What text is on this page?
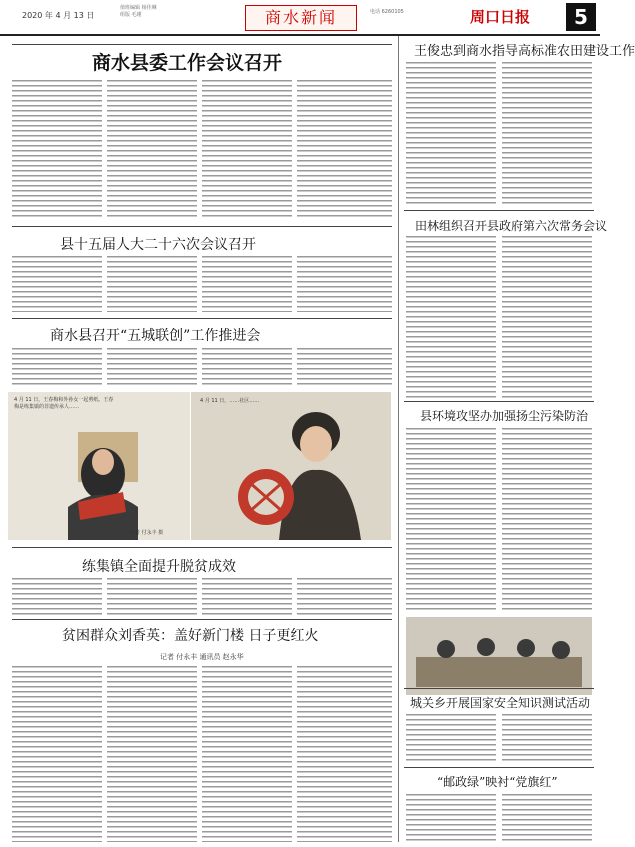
2020 年 4 月 13 日
值班编辑 杨佳琳
组版 毛瑾	商水新闻	电话 6260105	周口日报	5
商水县委工作会议召开
县十五届人大二十六次会议召开
商水县召开“五城联创”工作推进会
4 月 11 日，王春梅和外孙女一起剪纸。王春梅是练集镇的非遗传承人……
记者 付永丰 摄
4 月 11 日，……社区……
练集镇全面提升脱贫成效
贫困群众刘香英：盖好新门楼 日子更红火
记者 付永丰 通讯员 赵永华
王俊忠到商水指导高标准农田建设工作
田林组织召开县政府第六次常务会议
县环境攻坚办加强扬尘污染防治
城关乡开展国家安全知识测试活动
“邮政绿”映衬“党旗红”
